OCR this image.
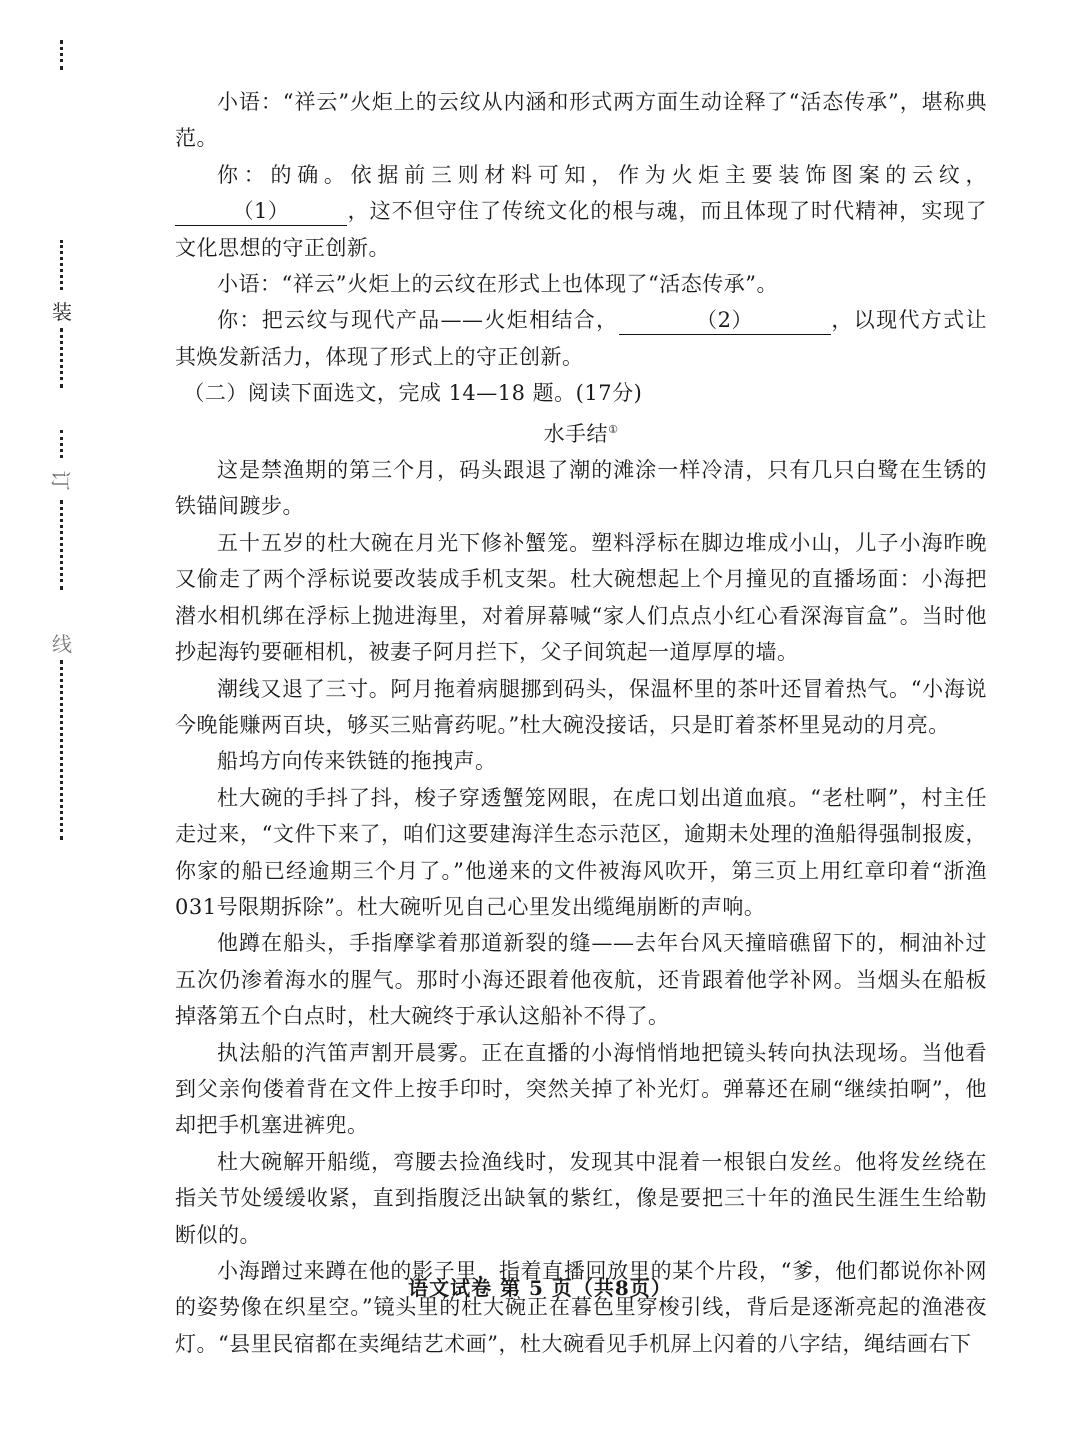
装
订
线

小语：“祥云”火炬上的云纹从内涵和形式两方面生动诠释了“活态传承”，堪称典范。

你：的确。依据前三则材料可知，作为火炬主要装饰图案的云纹，（1）	，这不但守住了传统文化的根与魂，而且体现了时代精神，实现了文化思想的守正创新。

小语：“祥云”火炬上的云纹在形式上也体现了“活态传承”。

你：把云纹与现代产品——火炬相结合，	（2）	，以现代方式让其焕发新活力，体现了形式上的守正创新。

（二）阅读下面选文，完成 14—18 题。(17分)

水手结①

这是禁渔期的第三个月，码头跟退了潮的滩涂一样冷清，只有几只白鹭在生锈的铁锚间踱步。

五十五岁的杜大碗在月光下修补蟹笼。塑料浮标在脚边堆成小山，儿子小海昨晚又偷走了两个浮标说要改装成手机支架。杜大碗想起上个月撞见的直播场面：小海把潜水相机绑在浮标上抛进海里，对着屏幕喊“家人们点点小红心看深海盲盒”。当时他抄起海钓要砸相机，被妻子阿月拦下，父子间筑起一道厚厚的墙。

潮线又退了三寸。阿月拖着病腿挪到码头，保温杯里的茶叶还冒着热气。“小海说今晚能赚两百块，够买三贴膏药呢。”杜大碗没接话，只是盯着茶杯里晃动的月亮。

船坞方向传来铁链的拖拽声。

杜大碗的手抖了抖，梭子穿透蟹笼网眼，在虎口划出道血痕。“老杜啊”，村主任走过来，“文件下来了，咱们这要建海洋生态示范区，逾期未处理的渔船得强制报废，你家的船已经逾期三个月了。”他递来的文件被海风吹开，第三页上用红章印着“浙渔031号限期拆除”。杜大碗听见自己心里发出缆绳崩断的声响。

他蹲在船头，手指摩挲着那道新裂的缝——去年台风天撞暗礁留下的，桐油补过五次仍渗着海水的腥气。那时小海还跟着他夜航，还肯跟着他学补网。当烟头在船板掉落第五个白点时，杜大碗终于承认这船补不得了。

执法船的汽笛声割开晨雾。正在直播的小海悄悄地把镜头转向执法现场。当他看到父亲佝偻着背在文件上按手印时，突然关掉了补光灯。弹幕还在刷“继续拍啊”，他却把手机塞进裤兜。

杜大碗解开船缆，弯腰去捡渔线时，发现其中混着一根银白发丝。他将发丝绕在指关节处缓缓收紧，直到指腹泛出缺氧的紫红，像是要把三十年的渔民生涯生生给勒断似的。

小海蹭过来蹲在他的影子里，指着直播回放里的某个片段，“爹，他们都说你补网的姿势像在织星空。”镜头里的杜大碗正在暮色里穿梭引线，背后是逐渐亮起的渔港夜灯。“县里民宿都在卖绳结艺术画”，杜大碗看见手机屏上闪着的八字结，绳结画右下

语文试卷 第 5 页（共8页）
